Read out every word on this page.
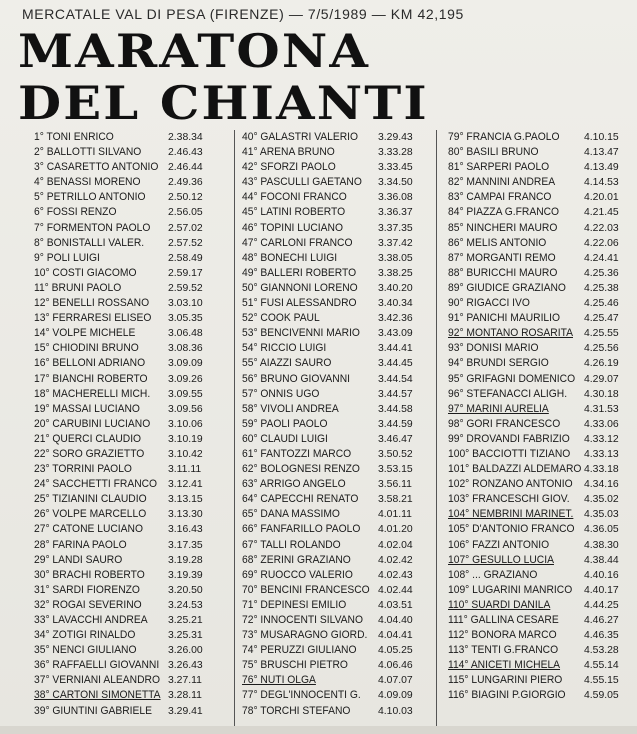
MERCATALE VAL DI PESA (FIRENZE) — 7/5/1989 — KM 42,195
MARATONA
DEL CHIANTI
1° TONI ENRICO	2.38.34
2° BALLOTTI SILVANO	2.46.43
3° CASARETTO ANTONIO 2.46.44
4° BENASSI MORENO	2.49.36
5° PETRILLO ANTONIO 2.50.12
6° FOSSI RENZO	2.56.05
7° FORMENTON PAOLO 2.57.02
8° BONISTALLI VALER. 2.57.52
9° POLI LUIGI	2.58.49
10° COSTI GIACOMO	2.59.17
11° BRUNI PAOLO	2.59.52
12° BENELLI ROSSANO 3.03.10
13° FERRARESI ELISEO 3.05.35
14° VOLPE MICHELE	3.06.48
15° CHIODINI BRUNO	3.08.36
16° BELLONI ADRIANO 3.09.09
17° BIANCHI ROBERTO 3.09.26
18° MACHERELLI MICH. 3.09.55
19° MASSAI LUCIANO	3.09.56
20° CARUBINI LUCIANO 3.10.06
21° QUERCI CLAUDIO	3.10.19
22° SORO GRAZIETTO 3.10.42
23° TORRINI PAOLO	3.11.11
24° SACCHETTI FRANCO 3.12.41
25° TIZIANINI CLAUDIO 3.13.15
26° VOLPE MARCELLO 3.13.30
27° CATONE LUCIANO 3.16.43
28° FARINA PAOLO	3.17.35
29° LANDI SAURO	3.19.28
30° BRACHI ROBERTO 3.19.39
31° SARDI FIORENZO	3.20.50
32° ROGAI SEVERINO	3.24.53
33° LAVACCHI ANDREA 3.25.21
34° ZOTIGI RINALDO	3.25.31
35° NENCI GIULIANO	3.26.00
36° RAFFAELLI GIOVANNI 3.26.43
37° VERNIANI ALEANDRO 3.27.11
38° CARTONI SIMONETTA 3.28.11
39° GIUNTINI GABRIELE 3.29.41
40° GALASTRI VALERIO 3.29.43
41° ARENA BRUNO	3.33.28
42° SFORZI PAOLO	3.33.45
43° PASCULLI GAETANO 3.34.50
44° FOCONI FRANCO	3.36.08
45° LATINI ROBERTO	3.36.37
46° TOPINI LUCIANO	3.37.35
47° CARLONI FRANCO 3.37.42
48° BONECHI LUIGI	3.38.05
49° BALLERI ROBERTO 3.38.25
50° GIANNONI LORENO 3.40.20
51° FUSI ALESSANDRO 3.40.34
52° COOK PAUL	3.42.36
53° BENCIVENNI MARIO 3.43.09
54° RICCIO LUIGI	3.44.41
55° AIAZZI SAURO	3.44.45
56° BRUNO GIOVANNI	3.44.54
57° ONNIS UGO	3.44.57
58° VIVOLI ANDREA	3.44.58
59° PAOLI PAOLO	3.44.59
60° CLAUDI LUIGI	3.46.47
61° FANTOZZI MARCO	3.50.52
62° BOLOGNESI RENZO 3.53.15
63° ARRIGO ANGELO	3.56.11
64° CAPECCHI RENATO 3.58.21
65° DANA MASSIMO	4.01.11
66° FANFARILLO PAOLO 4.01.20
67° TALLI ROLANDO	4.02.04
68° ZERINI GRAZIANO	4.02.42
69° RUOCCO VALERIO 4.02.43
70° BENCINI FRANCESCO 4.02.44
71° DEPINESI EMILIO	4.03.51
72° INNOCENTI SILVANO 4.04.40
73° MUSARAGNO GIORD. 4.04.41
74° PERUZZI GIULIANO 4.05.25
75° BRUSCHI PIETRO	4.06.46
76° NUTI OLGA	4.07.07
77° DEGL'INNOCENTI G. 4.09.09
78° TORCHI STEFANO	4.10.03
79° FRANCIA G.PAOLO 4.10.15
80° BASILI BRUNO	4.13.47
81° SARPERI PAOLO	4.13.49
82° MANNINI ANDREA	4.14.53
83° CAMPAI FRANCO	4.20.01
84° PIAZZA G.FRANCO 4.21.45
85° NINCHERI MAURO	4.22.03
86° MELIS ANTONIO	4.22.06
87° MORGANTI REMO	4.24.41
88° BURICCHI MAURO	4.25.36
89° GIUDICE GRAZIANO 4.25.38
90° RIGACCI IVO	4.25.46
91° PANICHI MAURILIO 4.25.47
92° MONTANO ROSARITA 4.25.55
93° DONISI MARIO	4.25.56
94° BRUNDI SERGIO	4.26.19
95° GRIFAGNI DOMENICO 4.29.07
96° STEFANACCI ALIGH. 4.30.18
97° MARINI AURELIA	4.31.53
98° GORI FRANCESCO 4.33.06
99° DROVANDI FABRIZIO 4.33.12
100° BACCIOTTI TIZIANO 4.33.13
101° BALDAZZI ALDEMARO 4.33.18
102° RONZANO ANTONIO 4.34.16
103° FRANCESCHI GIOV. 4.35.02
104° NEMBRINI MARINET. 4.35.03
105° D'ANTONIO FRANCO 4.36.05
106° FAZZI ANTONIO	4.38.30
107° GESULLO LUCIA	4.38.44
108° ... GRAZIANO	4.40.16
109° LUGARINI MANRICO 4.40.17
110° SUARDI DANILA	4.44.25
111° GALLINA CESARE 4.46.27
112° BONORA MARCO	4.46.35
113° TENTI G.FRANCO 4.53.28
114° ANICETI MICHELA 4.55.14
115° LUNGARINI PIERO 4.55.15
116° BIAGINI P.GIORGIO 4.59.05
